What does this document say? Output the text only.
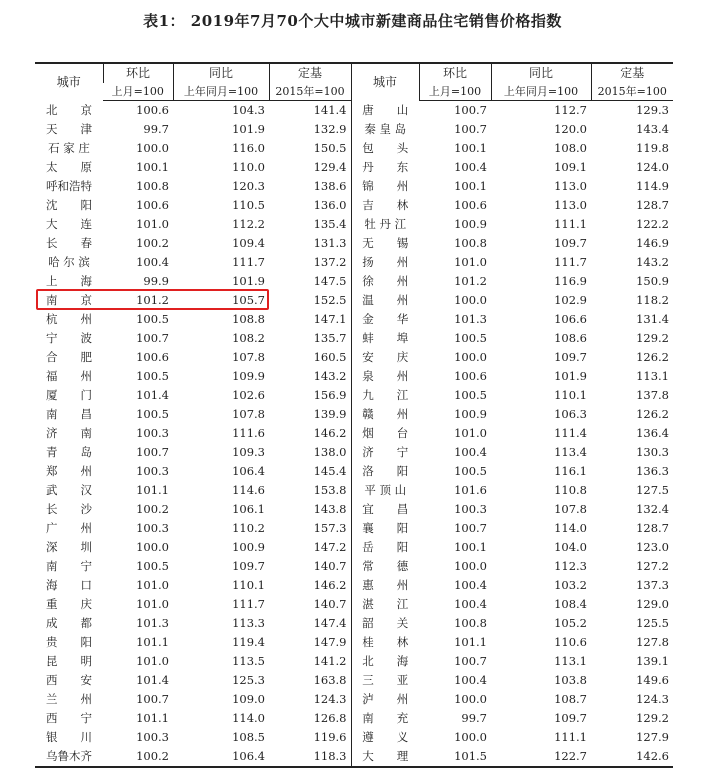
表1： 2019年7月70个大中城市新建商品住宅销售价格指数
城市	环比	同比	定基	城市	环比	同比	定基
	上月=100	上年同月=100	2015年=100		上月=100	上年同月=100	2015年=100
北　　京	100.6	104.3	141.4	唐　　山	100.7	112.7	129.3
天　　津	99.7	101.9	132.9	秦 皇 岛	100.7	120.0	143.4
石 家 庄	100.0	116.0	150.5	包　　头	100.1	108.0	119.8
太　　原	100.1	110.0	129.4	丹　　东	100.4	109.1	124.0
呼和浩特	100.8	120.3	138.6	锦　　州	100.1	113.0	114.9
沈　　阳	100.6	110.5	136.0	吉　　林	100.6	113.0	128.7
大　　连	101.0	112.2	135.4	牡 丹 江	100.9	111.1	122.2
长　　春	100.2	109.4	131.3	无　　锡	100.8	109.7	146.9
哈 尔 滨	100.4	111.7	137.2	扬　　州	101.0	111.7	143.2
上　　海	99.9	101.9	147.5	徐　　州	101.2	116.9	150.9
南　　京	101.2	105.7	152.5	温　　州	100.0	102.9	118.2
杭　　州	100.5	108.8	147.1	金　　华	101.3	106.6	131.4
宁　　波	100.7	108.2	135.7	蚌　　埠	100.5	108.6	129.2
合　　肥	100.6	107.8	160.5	安　　庆	100.0	109.7	126.2
福　　州	100.5	109.9	143.2	泉　　州	100.6	101.9	113.1
厦　　门	101.4	102.6	156.9	九　　江	100.5	110.1	137.8
南　　昌	100.5	107.8	139.9	赣　　州	100.9	106.3	126.2
济　　南	100.3	111.6	146.2	烟　　台	101.0	111.4	136.4
青　　岛	100.7	109.3	138.0	济　　宁	100.4	113.4	130.3
郑　　州	100.3	106.4	145.4	洛　　阳	100.5	116.1	136.3
武　　汉	101.1	114.6	153.8	平 顶 山	101.6	110.8	127.5
长　　沙	100.2	106.1	143.8	宜　　昌	100.3	107.8	132.4
广　　州	100.3	110.2	157.3	襄　　阳	100.7	114.0	128.7
深　　圳	100.0	100.9	147.2	岳　　阳	100.1	104.0	123.0
南　　宁	100.5	109.7	140.7	常　　德	100.0	112.3	127.2
海　　口	101.0	110.1	146.2	惠　　州	100.4	103.2	137.3
重　　庆	101.0	111.7	140.7	湛　　江	100.4	108.4	129.0
成　　都	101.3	113.3	147.4	韶　　关	100.8	105.2	125.5
贵　　阳	101.1	119.4	147.9	桂　　林	101.1	110.6	127.8
昆　　明	101.0	113.5	141.2	北　　海	100.7	113.1	139.1
西　　安	101.4	125.3	163.8	三　　亚	100.4	103.8	149.6
兰　　州	100.7	109.0	124.3	泸　　州	100.0	108.7	124.3
西　　宁	101.1	114.0	126.8	南　　充	99.7	109.7	129.2
银　　川	100.3	108.5	119.6	遵　　义	100.0	111.1	127.9
乌鲁木齐	100.2	106.4	118.3	大　　理	101.5	122.7	142.6
